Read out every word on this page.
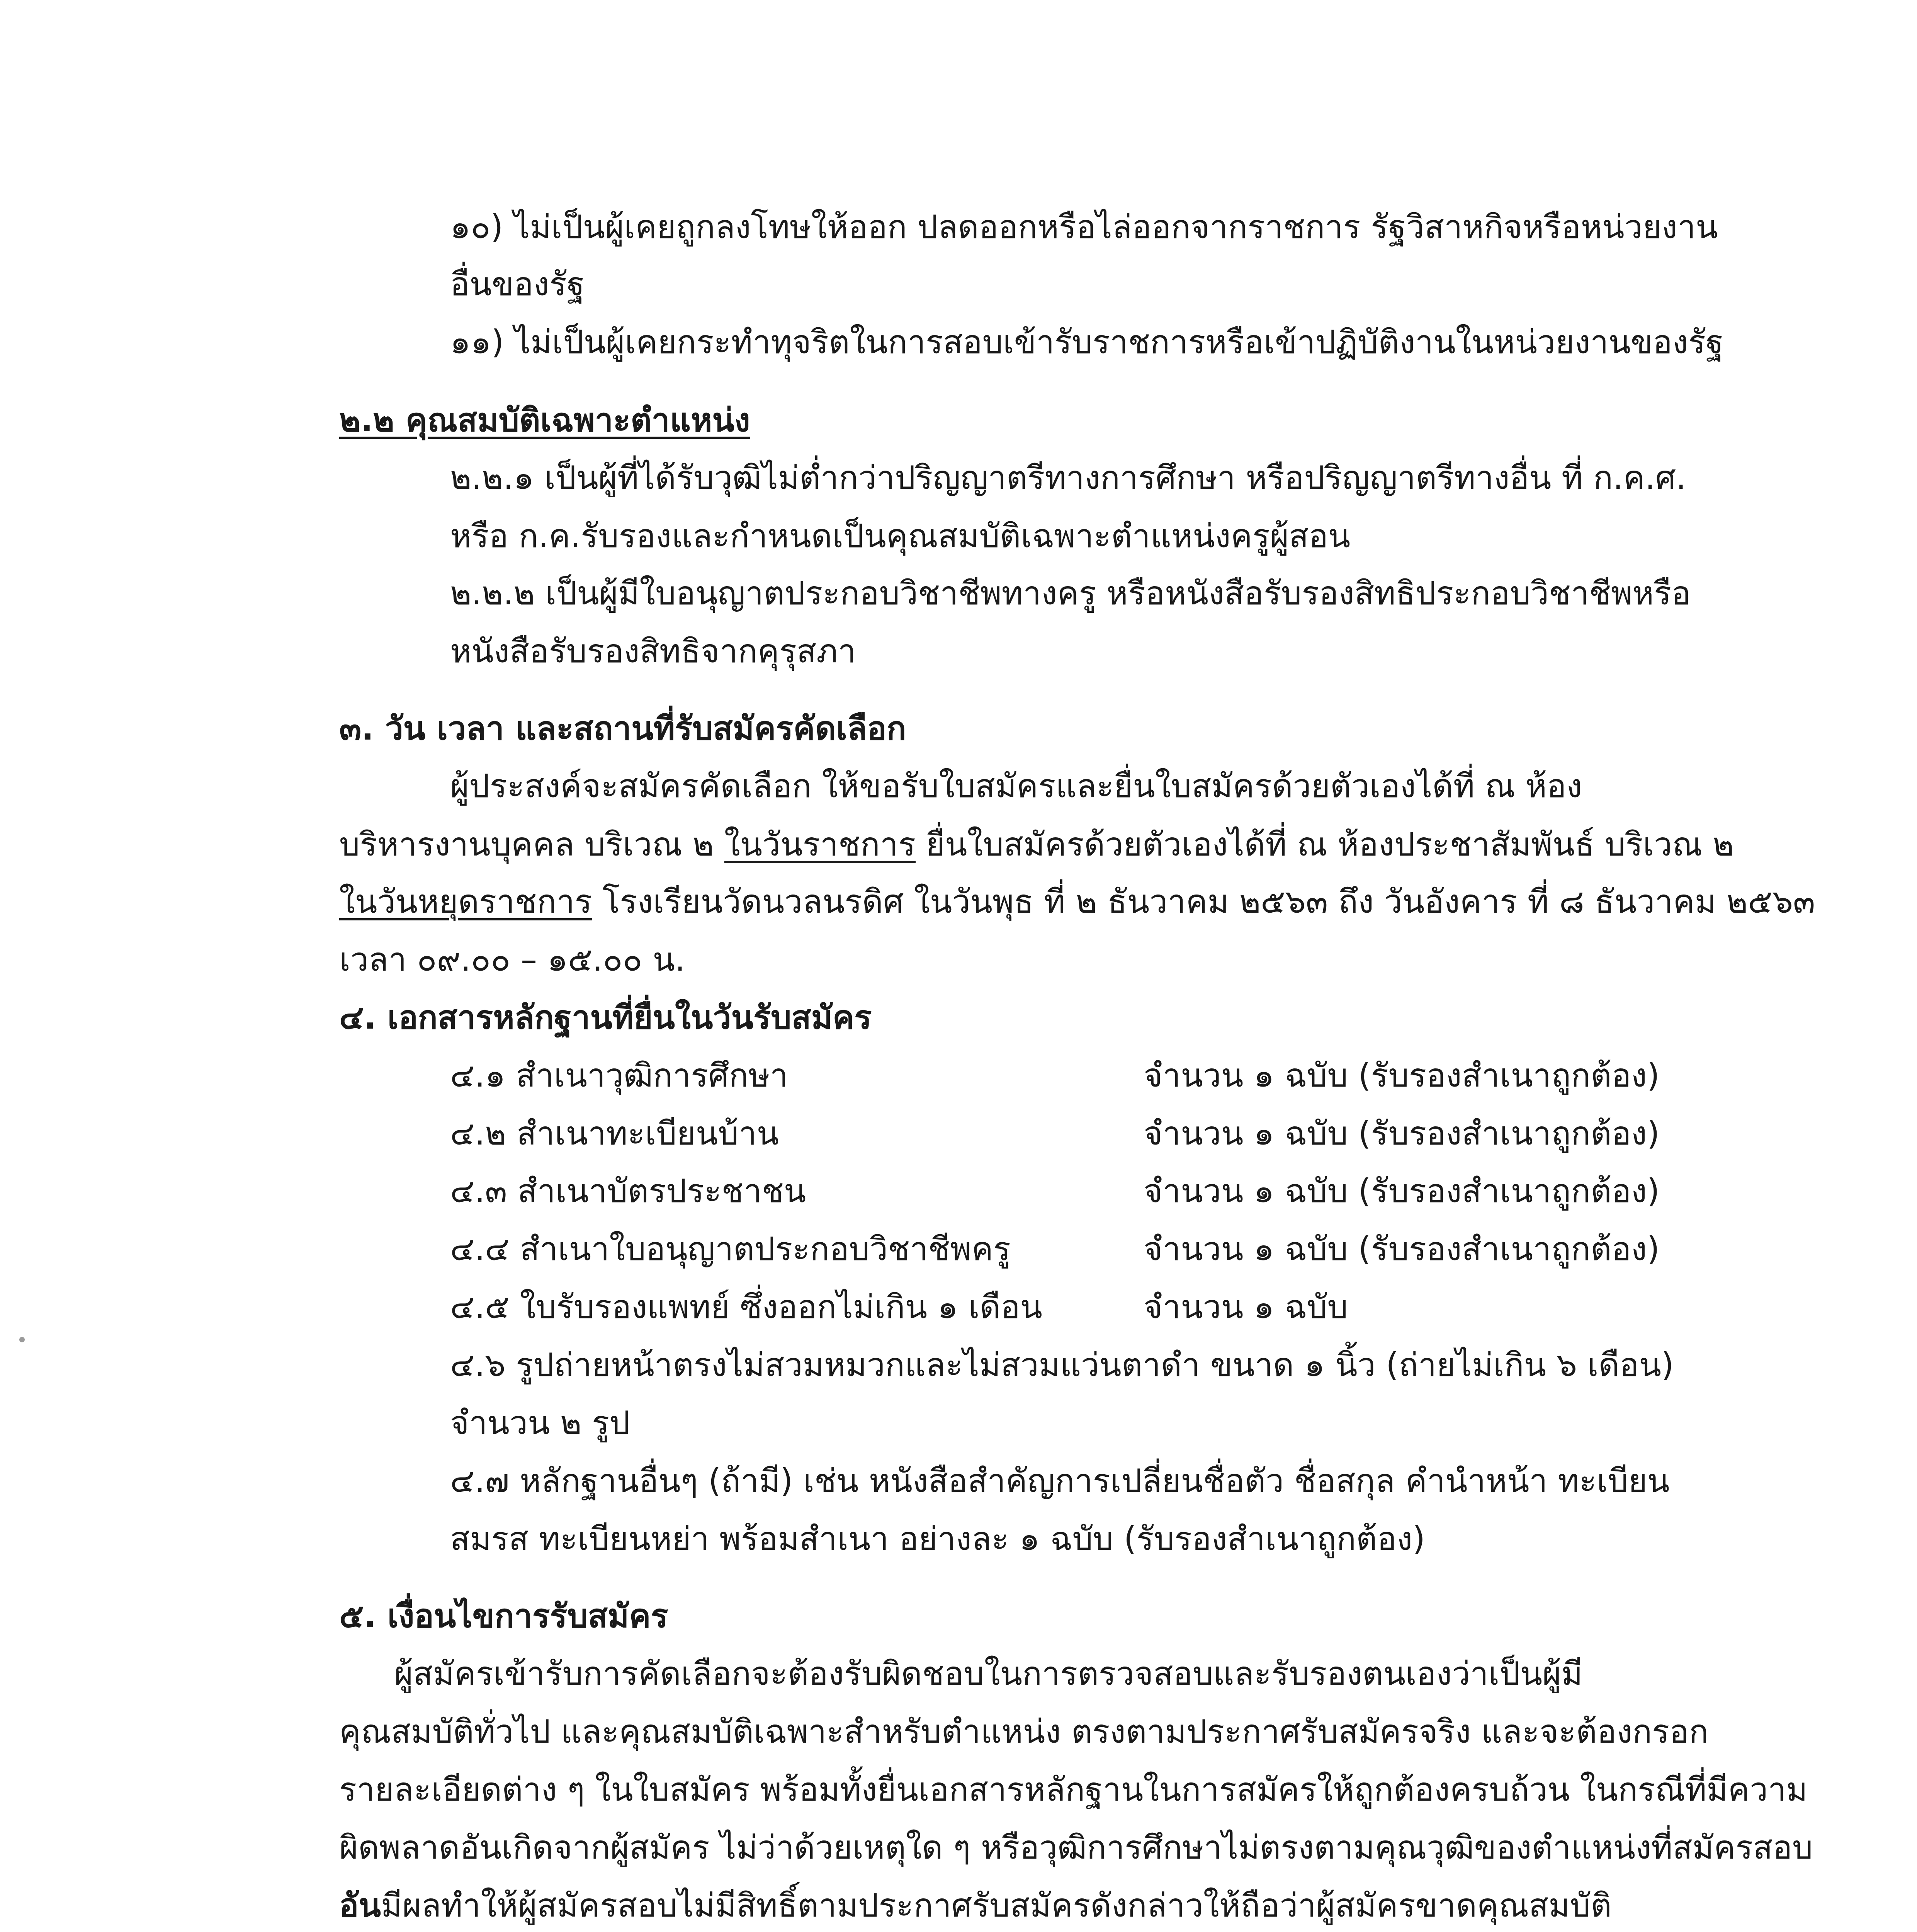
๑๐) ไม่เป็นผู้เคยถูกลงโทษให้ออก ปลดออกหรือไล่ออกจากราชการ รัฐวิสาหกิจหรือหน่วยงาน
อื่นของรัฐ
๑๑) ไม่เป็นผู้เคยกระทำทุจริตในการสอบเข้ารับราชการหรือเข้าปฏิบัติงานในหน่วยงานของรัฐ
๒.๒ คุณสมบัติเฉพาะตำแหน่ง
๒.๒.๑ เป็นผู้ที่ได้รับวุฒิไม่ต่ำกว่าปริญญาตรีทางการศึกษา หรือปริญญาตรีทางอื่น ที่ ก.ค.ศ.
หรือ ก.ค.รับรองและกำหนดเป็นคุณสมบัติเฉพาะตำแหน่งครูผู้สอน
๒.๒.๒ เป็นผู้มีใบอนุญาตประกอบวิชาชีพทางครู หรือหนังสือรับรองสิทธิประกอบวิชาชีพหรือ
หนังสือรับรองสิทธิจากคุรุสภา
๓. วัน เวลา และสถานที่รับสมัครคัดเลือก
ผู้ประสงค์จะสมัครคัดเลือก ให้ขอรับใบสมัครและยื่นใบสมัครด้วยตัวเองได้ที่ ณ ห้อง
บริหารงานบุคคล บริเวณ ๒ ในวันราชการ ยื่นใบสมัครด้วยตัวเองได้ที่ ณ ห้องประชาสัมพันธ์ บริเวณ ๒
ในวันหยุดราชการ โรงเรียนวัดนวลนรดิศ ในวันพุธ ที่ ๒ ธันวาคม ๒๕๖๓ ถึง วันอังคาร ที่ ๘ ธันวาคม ๒๕๖๓
เวลา ๐๙.๐๐ – ๑๕.๐๐ น.
๔. เอกสารหลักฐานที่ยื่นในวันรับสมัคร
๔.๑ สำเนาวุฒิการศึกษา	จำนวน ๑ ฉบับ (รับรองสำเนาถูกต้อง)
๔.๒ สำเนาทะเบียนบ้าน	จำนวน ๑ ฉบับ (รับรองสำเนาถูกต้อง)
๔.๓ สำเนาบัตรประชาชน	จำนวน ๑ ฉบับ (รับรองสำเนาถูกต้อง)
๔.๔ สำเนาใบอนุญาตประกอบวิชาชีพครู	จำนวน ๑ ฉบับ (รับรองสำเนาถูกต้อง)
๔.๕ ใบรับรองแพทย์ ซึ่งออกไม่เกิน ๑ เดือน	จำนวน ๑ ฉบับ
๔.๖ รูปถ่ายหน้าตรงไม่สวมหมวกและไม่สวมแว่นตาดำ ขนาด ๑ นิ้ว (ถ่ายไม่เกิน ๖ เดือน)
จำนวน ๒ รูป
๔.๗ หลักฐานอื่นๆ (ถ้ามี) เช่น หนังสือสำคัญการเปลี่ยนชื่อตัว ชื่อสกุล คำนำหน้า ทะเบียน
สมรส ทะเบียนหย่า พร้อมสำเนา อย่างละ ๑ ฉบับ (รับรองสำเนาถูกต้อง)
๕. เงื่อนไขการรับสมัคร
ผู้สมัครเข้ารับการคัดเลือกจะต้องรับผิดชอบในการตรวจสอบและรับรองตนเองว่าเป็นผู้มี
คุณสมบัติทั่วไป และคุณสมบัติเฉพาะสำหรับตำแหน่ง ตรงตามประกาศรับสมัครจริง และจะต้องกรอก
รายละเอียดต่าง ๆ ในใบสมัคร พร้อมทั้งยื่นเอกสารหลักฐานในการสมัครให้ถูกต้องครบถ้วน ในกรณีที่มีความ
ผิดพลาดอันเกิดจากผู้สมัคร ไม่ว่าด้วยเหตุใด ๆ หรือวุฒิการศึกษาไม่ตรงตามคุณวุฒิของตำแหน่งที่สมัครสอบ
อันมีผลทำให้ผู้สมัครสอบไม่มีสิทธิ์ตามประกาศรับสมัครดังกล่าวให้ถือว่าผู้สมัครขาดคุณสมบัติ
